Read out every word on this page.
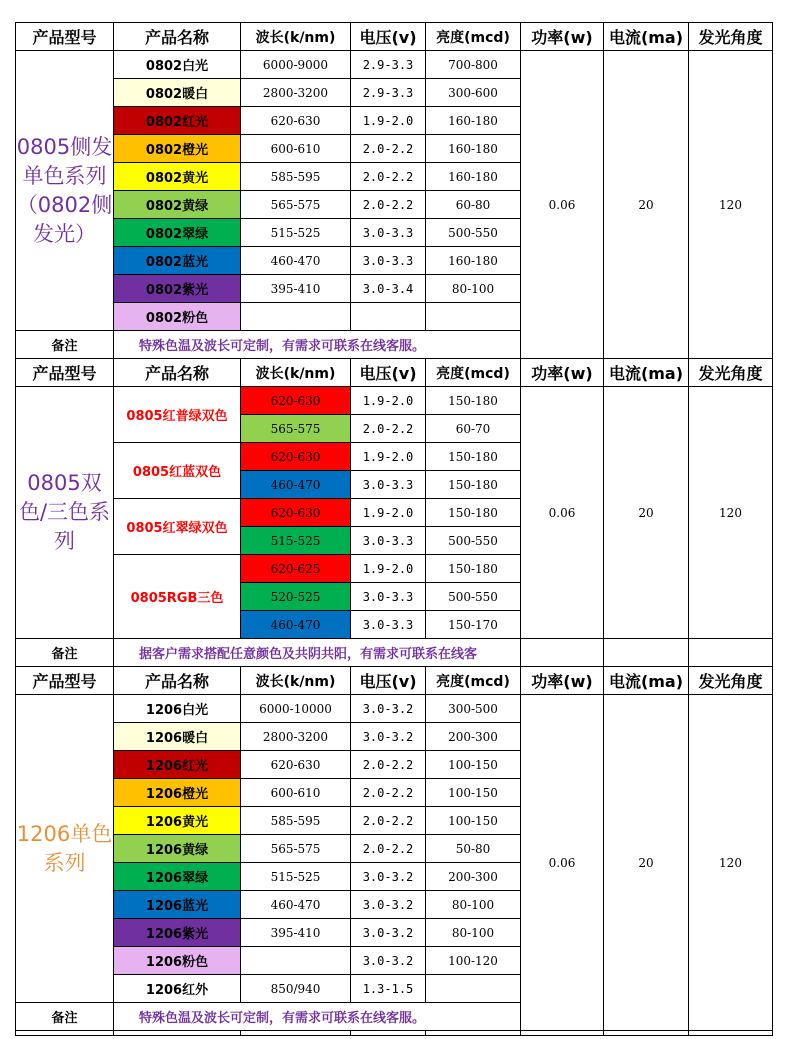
产品型号	产品名称	波长(k/nm)	电压(v)	亮度(mcd)	功率(w)	电流(ma)	发光角度
0805侧发单色系列（0802侧发光）	0802白光	6000-9000	2.9-3.3	700-800	0.06	20	120
	0802暖白	2800-3200	2.9-3.3	300-600			
	0802红光	620-630	1.9-2.0	160-180			
	0802橙光	600-610	2.0-2.2	160-180			
	0802黄光	585-595	2.0-2.2	160-180			
	0802黄绿	565-575	2.0-2.2	60-80			
	0802翠绿	515-525	3.0-3.3	500-550			
	0802蓝光	460-470	3.0-3.3	160-180			
	0802紫光	395-410	3.0-3.4	80-100			
	0802粉色						
备注	特殊色温及波长可定制，有需求可联系在线客服。						
产品型号	产品名称	波长(k/nm)	电压(v)	亮度(mcd)	功率(w)	电流(ma)	发光角度
0805双色/三色系列	0805红普绿双色	620-630	1.9-2.0	150-180	0.06	20	120
		565-575	2.0-2.2	60-70			
	0805红蓝双色	620-630	1.9-2.0	150-180			
		460-470	3.0-3.3	150-180			
	0805红翠绿双色	620-630	1.9-2.0	150-180			
		515-525	3.0-3.3	500-550			
	0805RGB三色	620-625	1.9-2.0	150-180			
		520-525	3.0-3.3	500-550			
		460-470	3.0-3.3	150-170			
备注	据客户需求搭配任意颜色及共阴共阳，有需求可联系在线客						
产品型号	产品名称	波长(k/nm)	电压(v)	亮度(mcd)	功率(w)	电流(ma)	发光角度
1206单色系列	1206白光	6000-10000	3.0-3.2	300-500	0.06	20	120
	1206暖白	2800-3200	3.0-3.2	200-300			
	1206红光	620-630	2.0-2.2	100-150			
	1206橙光	600-610	2.0-2.2	100-150			
	1206黄光	585-595	2.0-2.2	100-150			
	1206黄绿	565-575	2.0-2.2	50-80			
	1206翠绿	515-525	3.0-3.2	200-300			
	1206蓝光	460-470	3.0-3.2	80-100			
	1206紫光	395-410	3.0-3.2	80-100			
	1206粉色		3.0-3.2	100-120			
	1206红外	850/940	1.3-1.5				
备注	特殊色温及波长可定制，有需求可联系在线客服。						
